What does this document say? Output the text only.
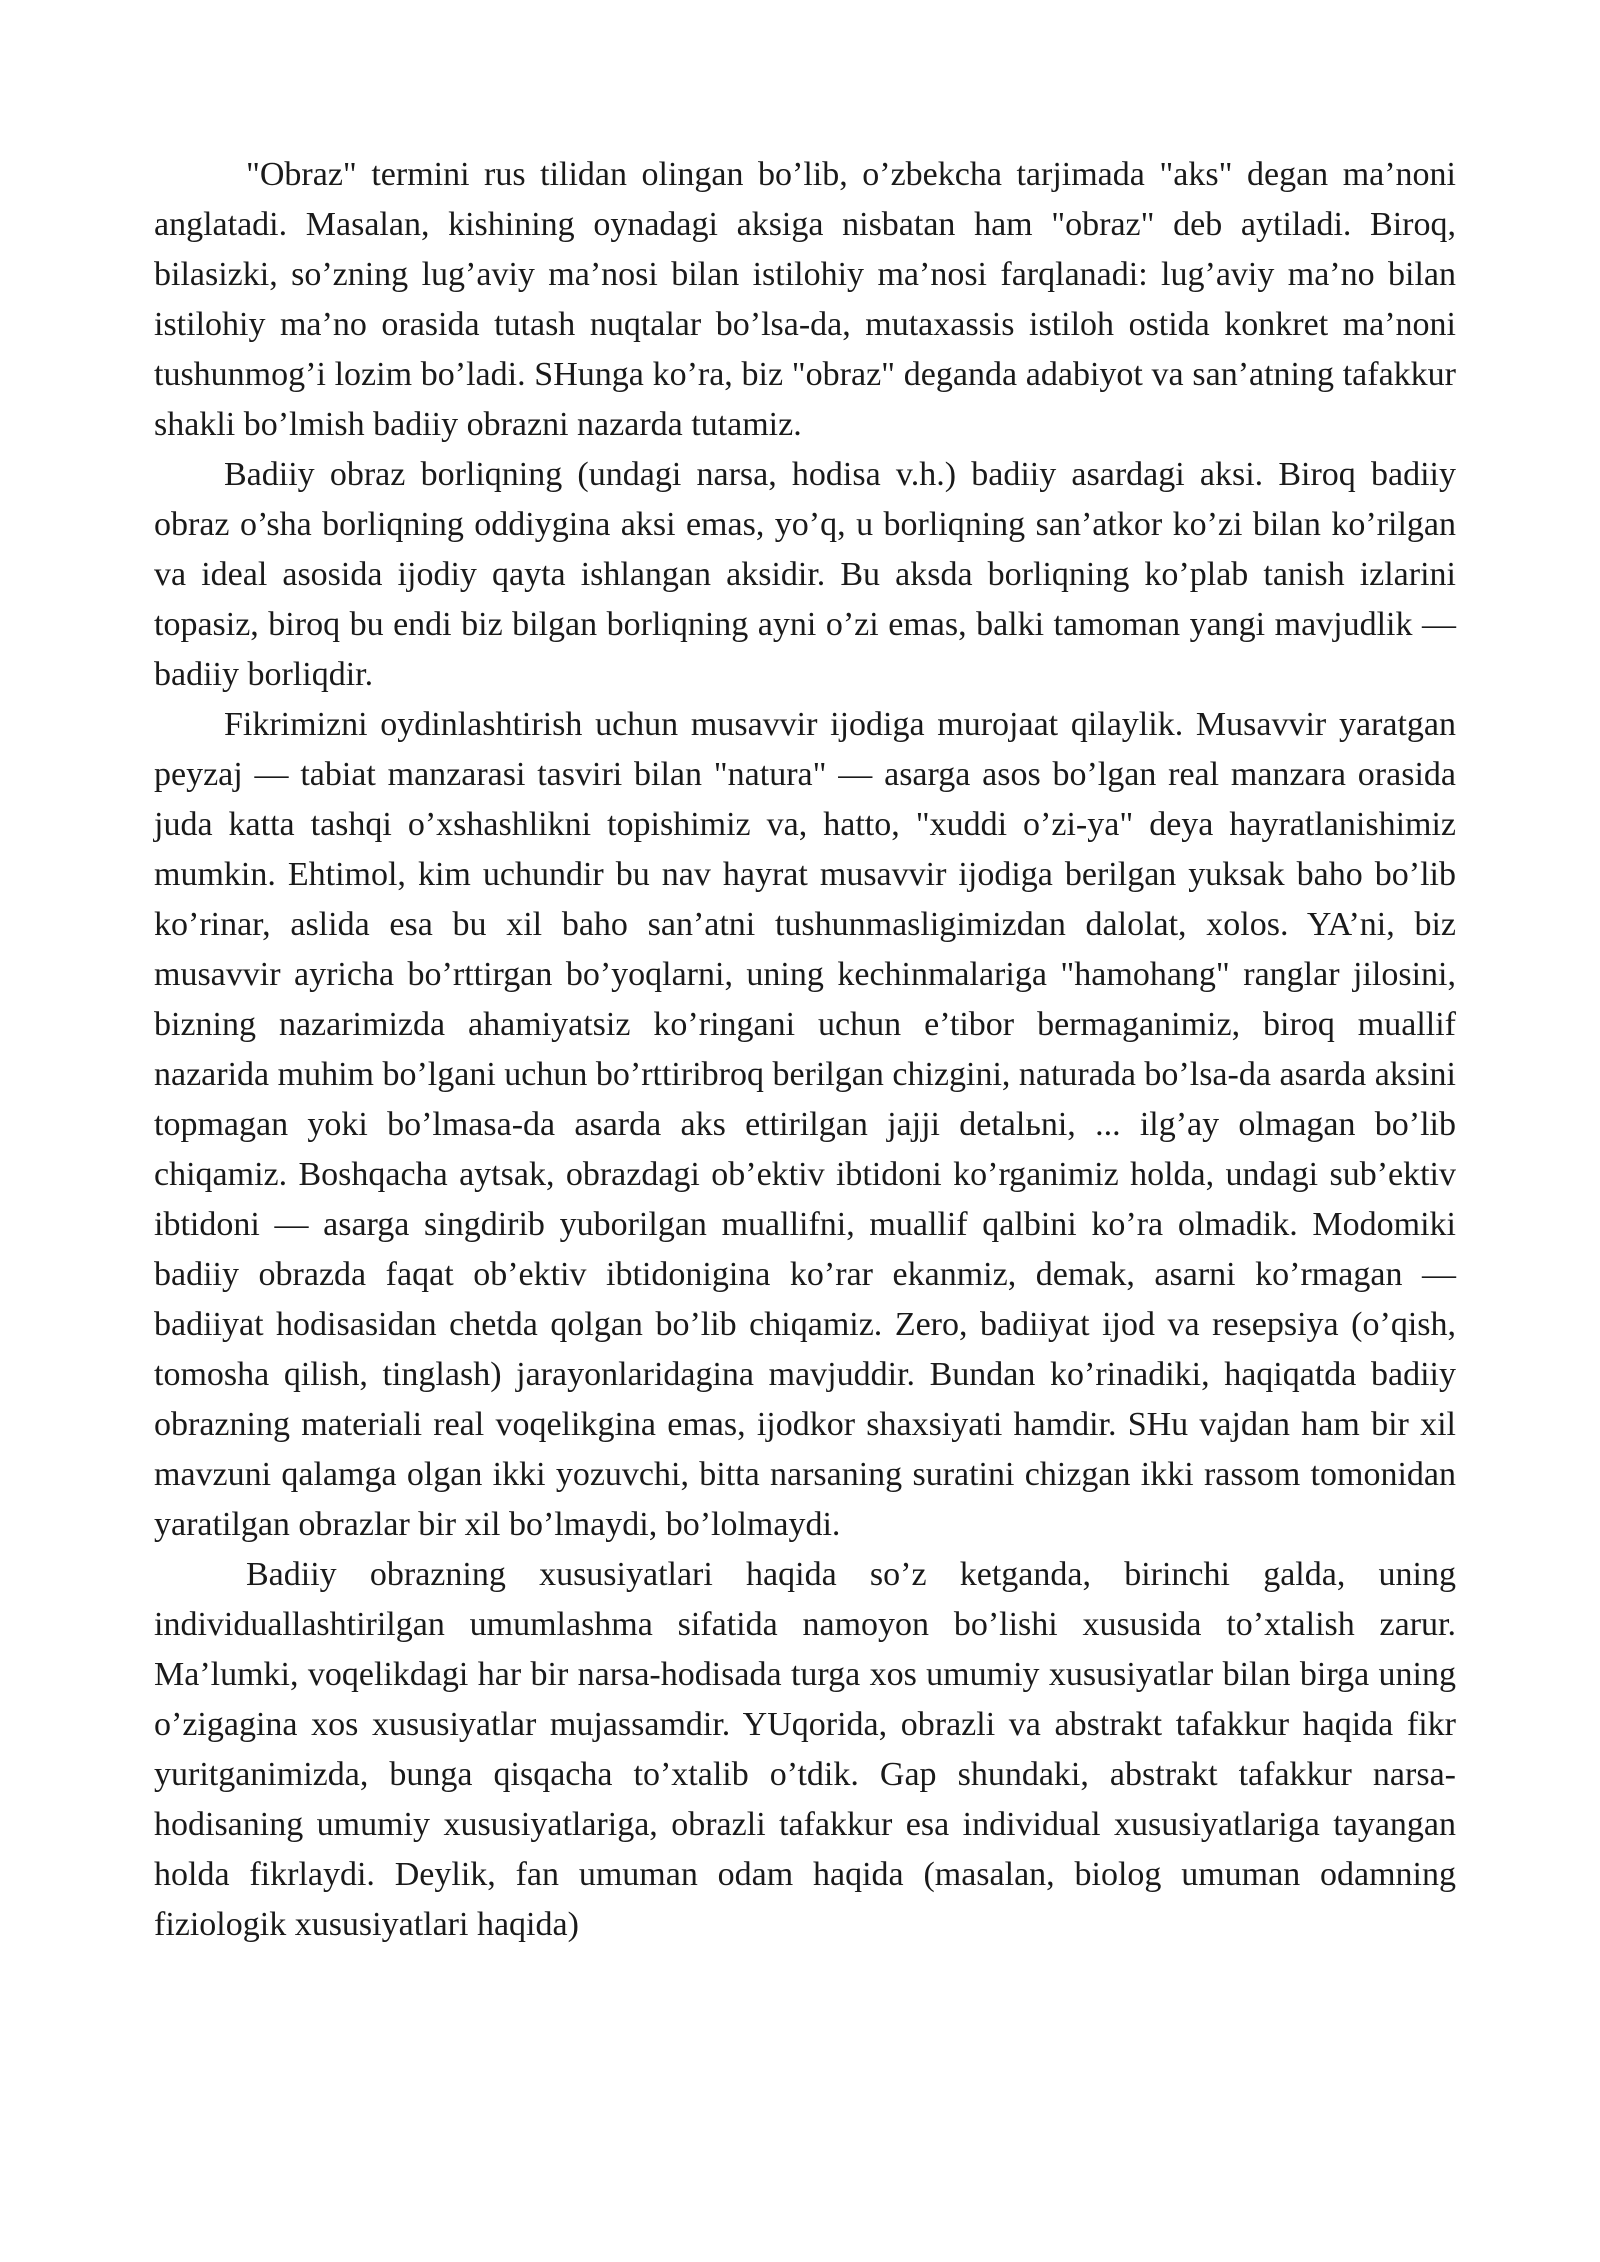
"Obraz" termini rus tilidan olingan bo’lib, o’zbekcha tarjimada "aks" degan ma’noni anglatadi. Masalan, kishining oynadagi aksiga nisbatan ham "obraz" deb aytiladi. Biroq, bilasizki, so’zning lug’aviy ma’nosi bilan istilohiy ma’nosi farqlanadi: lug’aviy ma’no bilan istilohiy ma’no orasida tutash nuqtalar bo’lsa-da, mutaxassis istiloh ostida konkret ma’noni tushunmog’i lozim bo’ladi. SHunga ko’ra, biz "obraz" deganda adabiyot va san’atning tafakkur shakli bo’lmish badiiy obrazni nazarda tutamiz.

Badiiy obraz borliqning (undagi narsa, hodisa v.h.) badiiy asardagi aksi. Biroq badiiy obraz o’sha borliqning oddiygina aksi emas, yo’q, u borliqning san’atkor ko’zi bilan ko’rilgan va ideal asosida ijodiy qayta ishlangan aksidir. Bu aksda borliqning ko’plab tanish izlarini topasiz, biroq bu endi biz bilgan borliqning ayni o’zi emas, balki tamoman yangi mavjudlik — badiiy borliqdir.

Fikrimizni oydinlashtirish uchun musavvir ijodiga murojaat qilaylik. Musavvir yaratgan peyzaj — tabiat manzarasi tasviri bilan "natura" — asarga asos bo’lgan real manzara orasida juda katta tashqi o’xshashlikni topishimiz va, hatto, "xuddi o’zi-ya" deya hayratlanishimiz mumkin. Ehtimol, kim uchundir bu nav hayrat musavvir ijodiga berilgan yuksak baho bo’lib ko’rinar, aslida esa bu xil baho san’atni tushunmasligimizdan dalolat, xolos. YA’ni, biz musavvir ayricha bo’rttirgan bo’yoqlarni, uning kechinmalariga "hamohang" ranglar jilosini, bizning nazarimizda ahamiyatsiz ko’ringani uchun e’tibor bermaganimiz, biroq muallif nazarida muhim bo’lgani uchun bo’rttiribroq berilgan chizgini, naturada bo’lsa-da asarda aksini topmagan yoki bo’lmasa-da asarda aks ettirilgan jajji detalьni, ... ilg’ay olmagan bo’lib chiqamiz. Boshqacha aytsak, obrazdagi ob’ektiv ibtidoni ko’rganimiz holda, undagi sub’ektiv ibtidoni — asarga singdirib yuborilgan muallifni, muallif qalbini ko’ra olmadik. Modomiki badiiy obrazda faqat ob’ektiv ibtidonigina ko’rar ekanmiz, demak, asarni ko’rmagan — badiiyat hodisasidan chetda qolgan bo’lib chiqamiz. Zero, badiiyat ijod va resepsiya (o’qish, tomosha qilish, tinglash) jarayonlaridagina mavjuddir. Bundan ko’rinadiki, haqiqatda badiiy obrazning materiali real voqelikgina emas, ijodkor shaxsiyati hamdir. SHu vajdan ham bir xil mavzuni qalamga olgan ikki yozuvchi, bitta narsaning suratini chizgan ikki rassom tomonidan yaratilgan obrazlar bir xil bo’lmaydi, bo’lolmaydi.

Badiiy obrazning xususiyatlari haqida so’z ketganda, birinchi galda, uning individuallashtirilgan umumlashma sifatida namoyon bo’lishi xususida to’xtalish zarur. Ma’lumki, voqelikdagi har bir narsa-hodisada turga xos umumiy xususiyatlar bilan birga uning o’zigagina xos xususiyatlar mujassamdir. YUqorida, obrazli va abstrakt tafakkur haqida fikr yuritganimizda, bunga qisqacha to’xtalib o’tdik. Gap shundaki, abstrakt tafakkur narsa-hodisaning umumiy xususiyatlariga, obrazli tafakkur esa individual xususiyatlariga tayangan holda fikrlaydi. Deylik, fan umuman odam haqida (masalan, biolog umuman odamning fiziologik xususiyatlari haqida)
